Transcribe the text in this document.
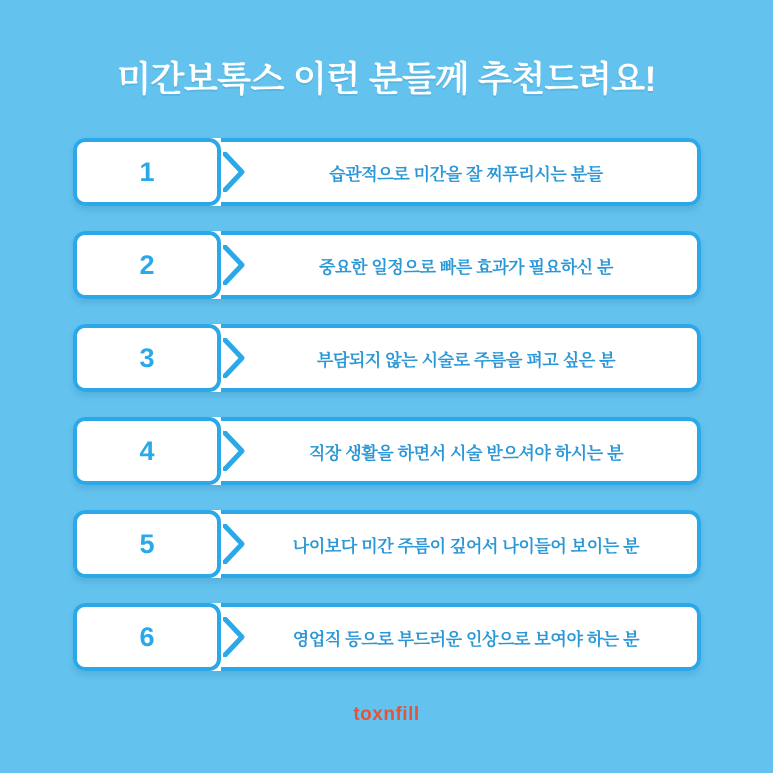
미간보톡스 이런 분들께 추천드려요!
습관적으로 미간을 잘 찌푸리시는 분들
1
중요한 일정으로 빠른 효과가 필요하신 분
2
부담되지 않는 시술로 주름을 펴고 싶은 분
3
직장 생활을 하면서 시술 받으셔야 하시는 분
4
나이보다 미간 주름이 깊어서 나이들어 보이는 분
5
영업직 등으로 부드러운 인상으로 보여야 하는 분
6
toxnfill
